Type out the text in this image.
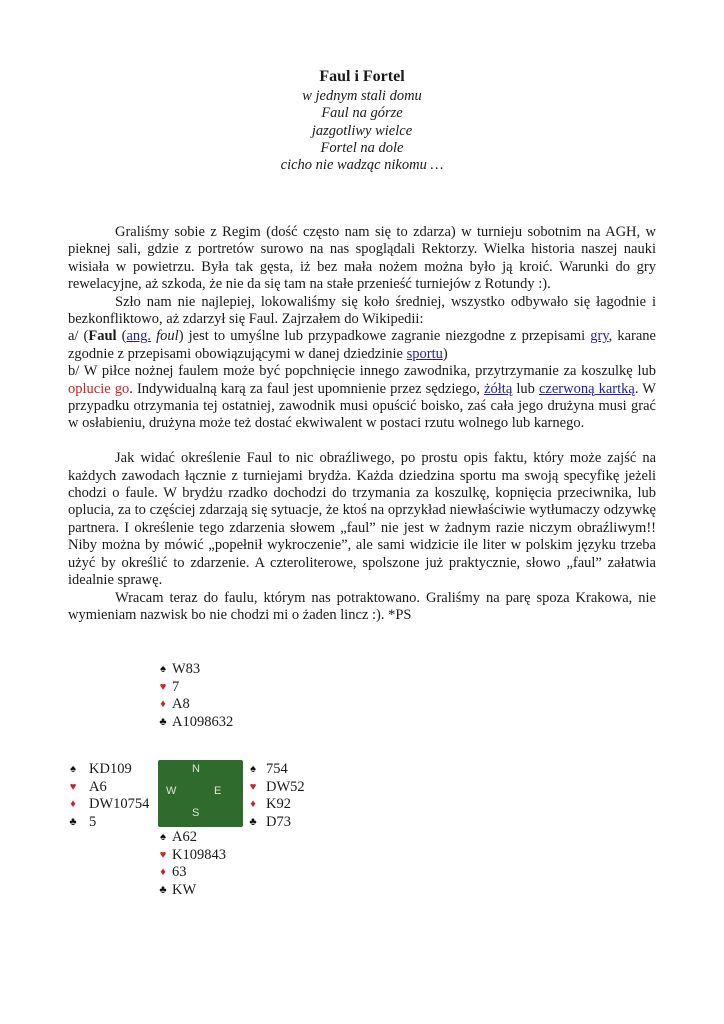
Faul i Fortel
w jednym stali domu
Faul na górze
jazgotliwy wielce
Fortel na dole
cicho nie wadząc nikomu …

Graliśmy sobie z Regim (dość często nam się to zdarza) w turnieju sobotnim na AGH, w pieknej sali, gdzie z portretów surowo na nas spoglądali Rektorzy. Wielka historia naszej nauki wisiała w powietrzu. Była tak gęsta, iż bez mała nożem można było ją kroić. Warunki do gry rewelacyjne, aż szkoda, że nie da się tam na stałe przenieść turniejów z Rotundy :).

Szło nam nie najlepiej, lokowaliśmy się koło średniej, wszystko odbywało się łagodnie i bezkonfliktowo, aż zdarzył się Faul. Zajrzałem do Wikipedii:

a/ (Faul (ang. foul) jest to umyślne lub przypadkowe zagranie niezgodne z przepisami gry, karane zgodnie z przepisami obowiązującymi w danej dziedzinie sportu)

b/ W piłce nożnej faulem może być popchnięcie innego zawodnika, przytrzymanie za koszulkę lub oplucie go. Indywidualną karą za faul jest upomnienie przez sędziego, żółtą lub czerwoną kartką. W przypadku otrzymania tej ostatniej, zawodnik musi opuścić boisko, zaś cała jego drużyna musi grać w osłabieniu, drużyna może też dostać ekwiwalent w postaci rzutu wolnego lub karnego.

Jak widać określenie Faul to nic obraźliwego, po prostu opis faktu, który może zajść na każdych zawodach łącznie z turniejami brydża. Każda dziedzina sportu ma swoją specyfikę jeżeli chodzi o faule. W brydżu rzadko dochodzi do trzymania za koszulkę, kopnięcia przeciwnika, lub oplucia, za to częściej zdarzają się sytuacje, że ktoś na oprzykład niewłaściwie wytłumaczy odzywkę partnera. I określenie tego zdarzenia słowem „faul” nie jest w żadnym razie niczym obraźliwym!! Niby można by mówić „popełnił wykroczenie”, ale sami widzicie ile liter w polskim języku trzeba użyć by określić to zdarzenie. A czteroliterowe, spolszone już praktycznie, słowo „faul” załatwia idealnie sprawę.

Wracam teraz do faulu, którym nas potraktowano. Graliśmy na parę spoza Krakowa, nie wymieniam nazwisk bo nie chodzi mi o żaden lincz :). *PS

♠ W83
♥ 7
♦ A8
♣ A1098632
♠ KD109
♥ A6
♦ DW10754
♣ 5
N
W	E
S
♠ 754
♥ DW52
♦ K92
♣ D73
♠ A62
♥ K109843
♦ 63
♣ KW
